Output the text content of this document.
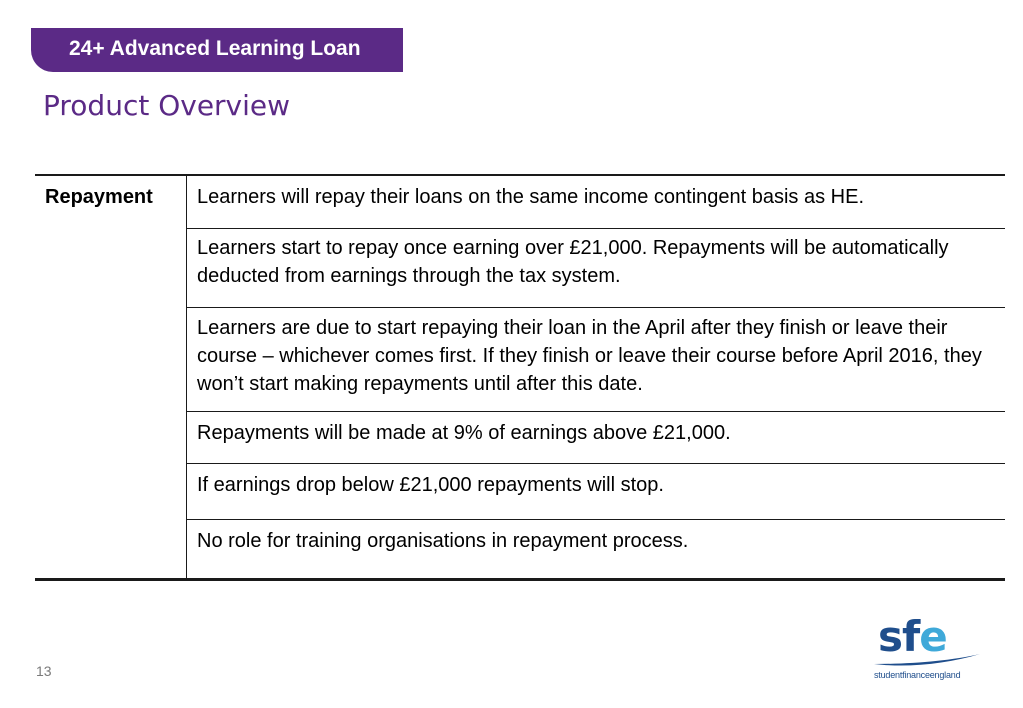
24+ Advanced Learning Loan
Product Overview
Repayment Learners will repay their loans on the same income contingent basis as HE.
Learners start to repay once earning over £21,000. Repayments will be automatically deducted from earnings through the tax system.
Learners are due to start repaying their loan in the April after they finish or leave their course – whichever comes first. If they finish or leave their course before April 2016, they won’t start making repayments until after this date.
Repayments will be made at 9% of earnings above £21,000.
If earnings drop below £21,000 repayments will stop.
No role for training organisations in repayment process.
13
sfe
studentfinanceengland
